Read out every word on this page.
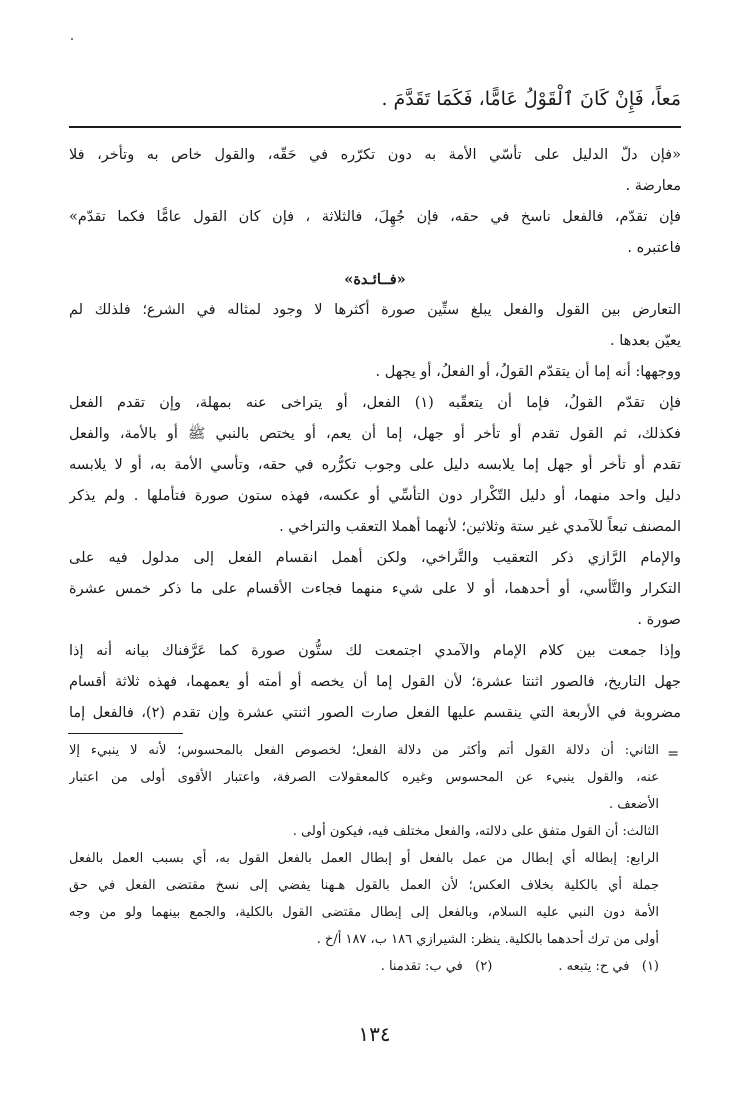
مَعاً، فَإِنْ كَانَ ٱلْقَوْلُ عَامًّا، فَكَمَا تَقَدَّمَ .
«فإن دلّ الدليل على تأسّي الأمة به دون تكرّره في حَقّه، والقول خاص به وتأخر، فلا
معارضة .
فإن تقدّم، فالفعل ناسخ في حقه، فإن جُهِلَ، فالثلاثة ، فإن كان القول عامًّا فكما تقدّم»
فاعتبره .
«فــائـدة»
التعارض بين القول والفعل يبلغ ستِّين صورة أكثرها لا وجود لمثاله في الشرع؛ فلذلك لم
يعيّن بعدها .
ووجهها: أنه إما أن يتقدّم القولُ، أو الفعلُ، أو يجهل .
فإن تقدّم القولُ، فإما أن يتعقّبه (١) الفعل، أو يتراخى عنه بمهلة، وإن تقدم الفعل
فكذلك، ثم القول تقدم أو تأخر أو جهل، إما أن يعم، أو يختص بالنبي ﷺ أو بالأمة، والفعل
تقدم أو تأخر أو جهل إما يلابسه دليل على وجوب تكرُّره في حقه، وتأسي الأمة به، أو لا يلابسه
دليل واحد منهما، أو دليل التّكْرار دون التأسِّي أو عكسه، فهذه ستون صورة فتأملها . ولم يذكر
المصنف تبعاً للآمدي غير ستة وثلاثين؛ لأنهما أهملا التعقب والتراخي .
والإمام الرَّازي ذكر التعقيب والتَّراخي، ولكن أهمل انقسام الفعل إلى مدلول فيه على
التكرار والتَّأسي، أو أحدهما، أو لا على شيء منهما فجاءت الأقسام على ما ذكر خمس عشرة
صورة .
وإذا جمعت بين كلام الإمام والآمدي اجتمعت لك ستُّون صورة كما عَرَّفناك بيانه أنه إذا
جهل التاريخ، فالصور اثنتا عشرة؛ لأن القول إما أن يخصه أو أمته أو يعمهما، فهذه ثلاثة أقسام
مضروبة في الأربعة التي ينقسم عليها الفعل صارت الصور اثنتي عشرة وإن تقدم (٢)، فالفعل إما
=
الثاني: أن دلالة القول أتم وأكثر من دلالة الفعل؛ لخصوص الفعل بالمحسوس؛ لأنه لا ينبيء إلا
عنه، والقول ينبيء عن المحسوس وغيره كالمعقولات الصرفة، واعتبار الأقوى أولى من اعتبار
الأضعف .
الثالث: أن القول متفق على دلالته، والفعل مختلف فيه، فيكون أولى .
الرابع: إبطاله أي إبطال من عمل بالفعل أو إبطال العمل بالفعل القول به، أي بسبب العمل بالفعل
جملة أي بالكلية بخلاف العكس؛ لأن العمل بالقول هـهنا يفضي إلى نسخ مقتضى الفعل في حق
الأمة دون النبي عليه السلام، وبالفعل إلى إبطال مقتضى القول بالكلية، والجمع بينهما ولو من وجه
أولى من ترك أحدهما بالكلية. ينظر: الشيرازي ١٨٦ ب، ١٨٧ أ/خ .
(١)   في ح: يتبعه .                (٢)   في ب: تقدمنا .
١٣٤
